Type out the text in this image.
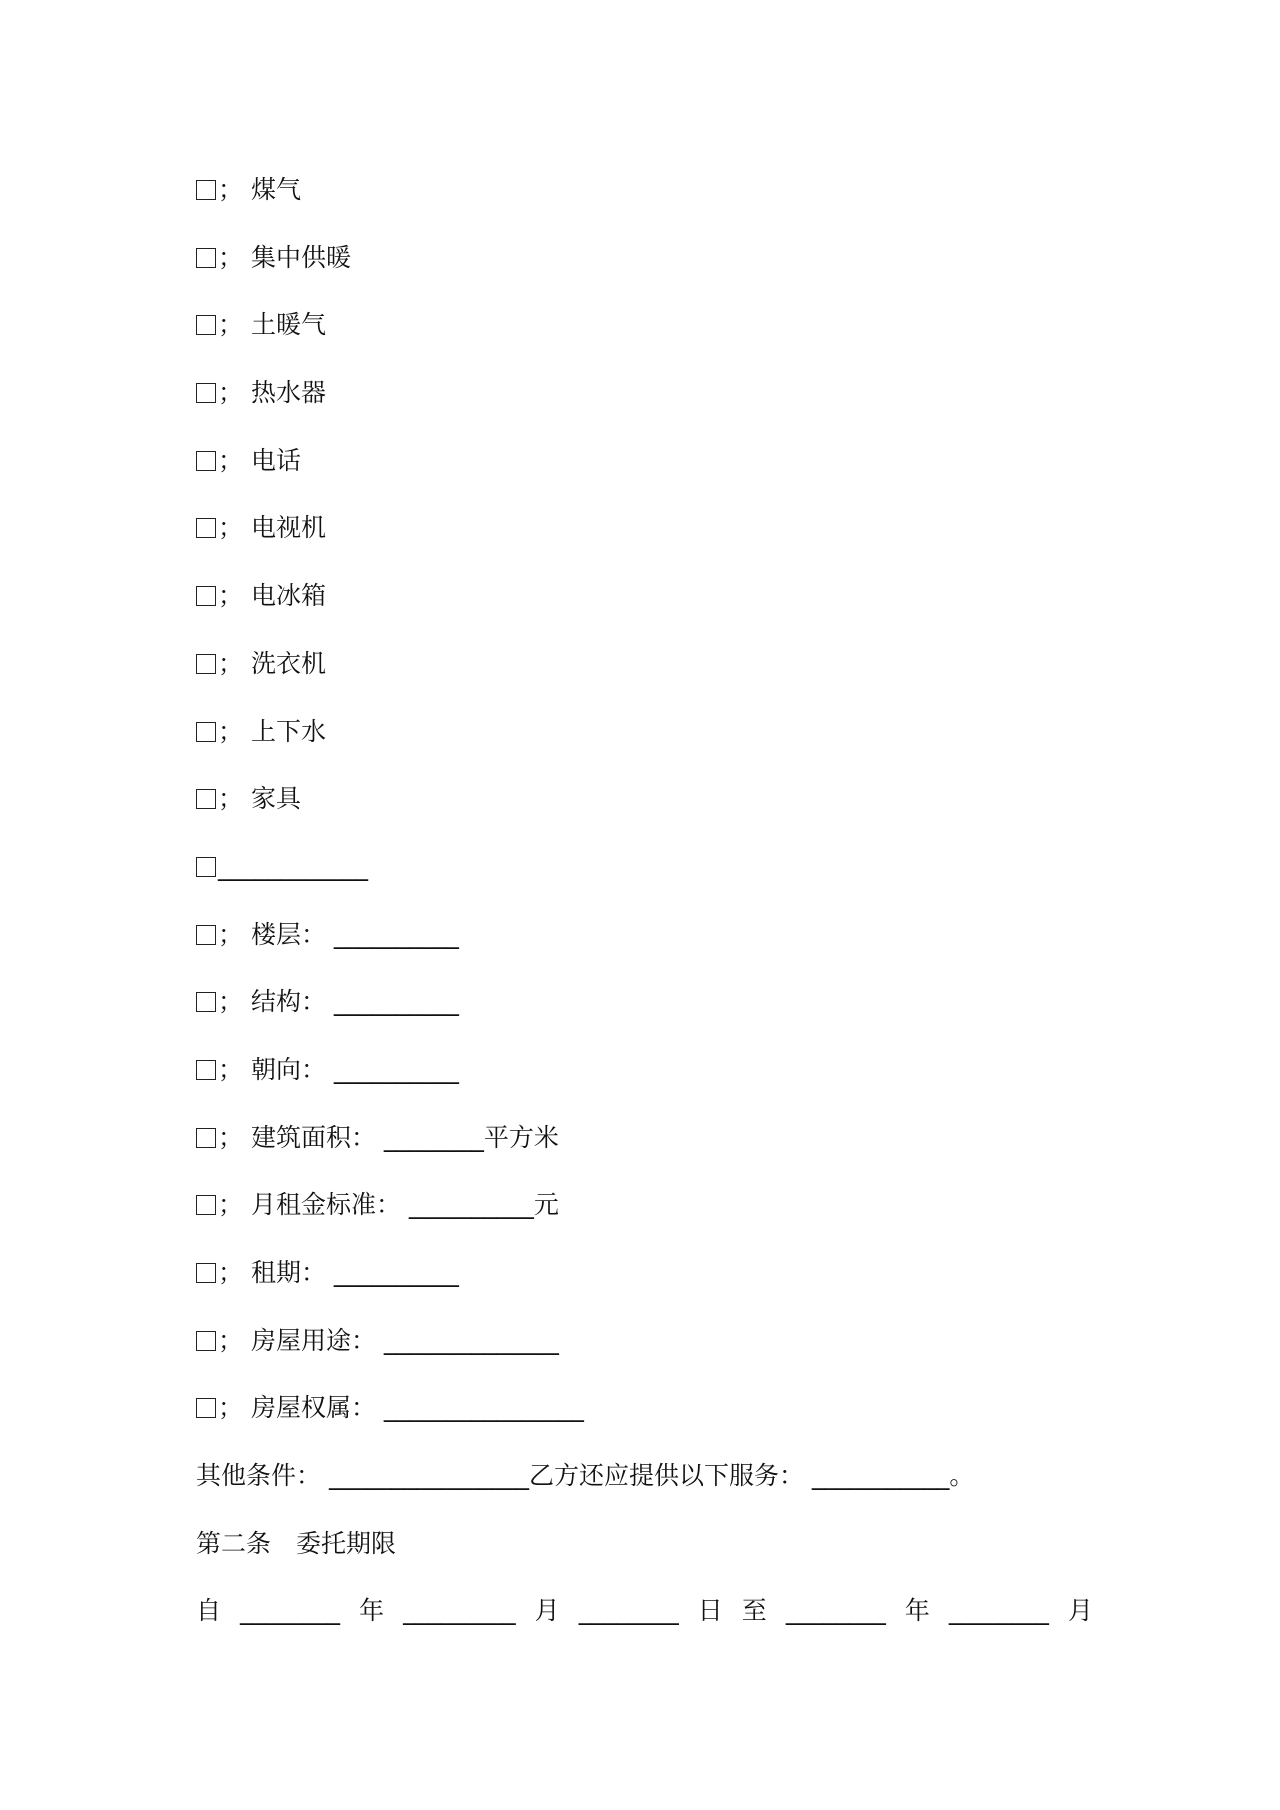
； 煤气
； 集中供暖
； 土暖气
； 热水器
； 电话
； 电视机
； 电冰箱
； 洗衣机
； 上下水
； 家具
____________
； 楼层： __________
； 结构： __________
； 朝向： __________
； 建筑面积： ________平方米
； 月租金标准： __________元
； 租期： __________
； 房屋用途： ______________
； 房屋权属： ________________
其他条件： ________________乙方还应提供以下服务： ___________。
第二条　委托期限
自 ________ 年 _________ 月 ________ 日 至 ________ 年 ________ 月
